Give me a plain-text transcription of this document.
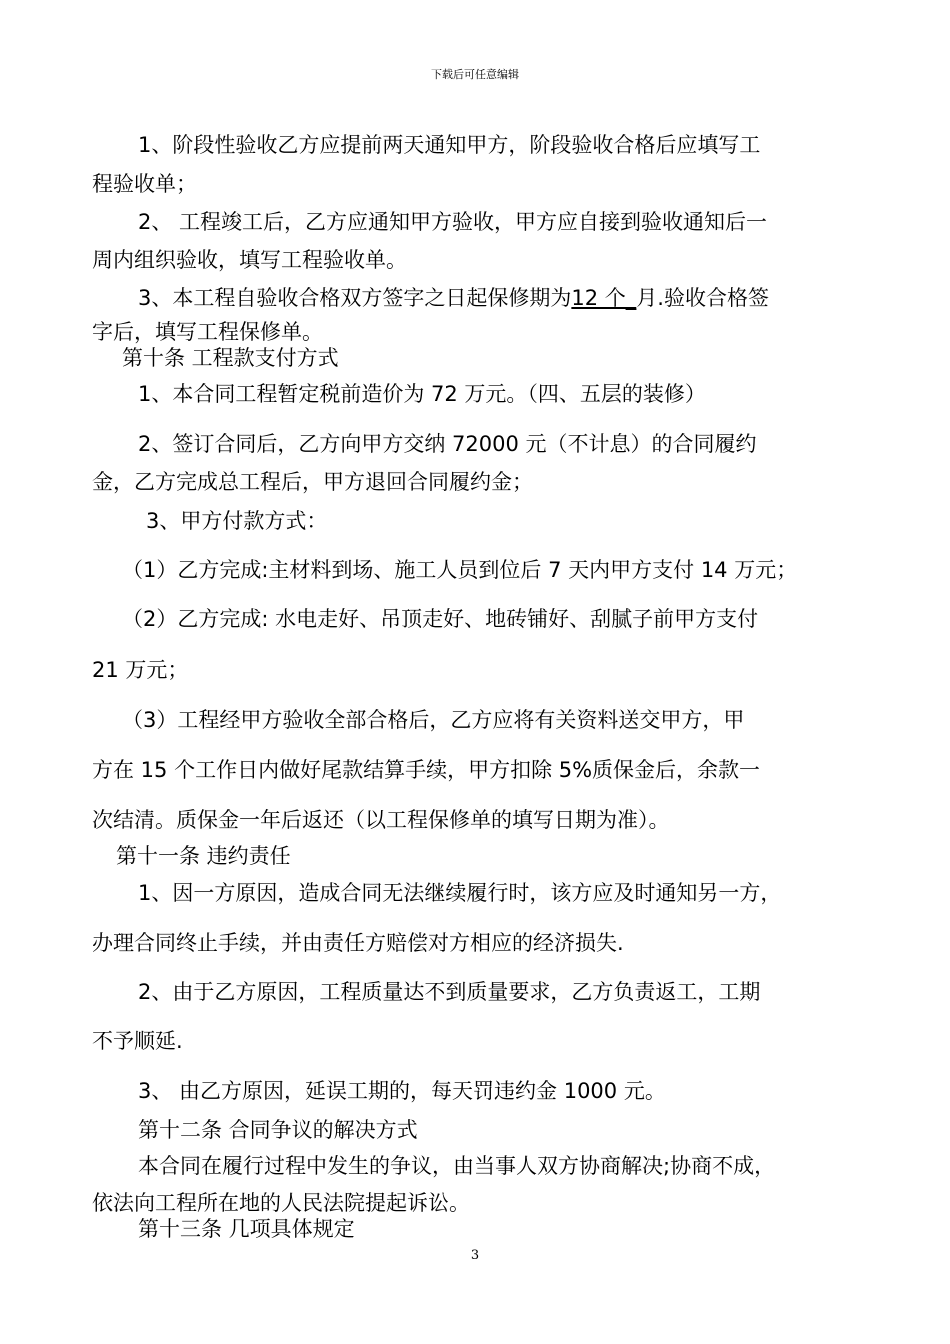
下载后可任意编辑
1、阶段性验收乙方应提前两天通知甲方，阶段验收合格后应填写工
程验收单；
2、 工程竣工后，乙方应通知甲方验收，甲方应自接到验收通知后一
周内组织验收，填写工程验收单。
3、本工程自验收合格双方签字之日起保修期为12 个_月.验收合格签
字后，填写工程保修单。
第十条 工程款支付方式
1、本合同工程暂定税前造价为 72 万元。（四、五层的装修）
2、签订合同后，乙方向甲方交纳 72000 元（不计息）的合同履约
金，乙方完成总工程后，甲方退回合同履约金；
3、甲方付款方式：
（1）乙方完成:主材料到场、施工人员到位后 7 天内甲方支付 14 万元；
（2）乙方完成: 水电走好、吊顶走好、地砖铺好、刮腻子前甲方支付
21 万元；
（3）工程经甲方验收全部合格后，乙方应将有关资料送交甲方，甲
方在 15 个工作日内做好尾款结算手续，甲方扣除 5%质保金后，余款一
次结清。质保金一年后返还（以工程保修单的填写日期为准）。
第十一条 违约责任
1、因一方原因，造成合同无法继续履行时，该方应及时通知另一方，
办理合同终止手续，并由责任方赔偿对方相应的经济损失.
2、由于乙方原因，工程质量达不到质量要求，乙方负责返工，工期
不予顺延.
3、 由乙方原因，延误工期的，每天罚违约金 1000 元。
第十二条 合同争议的解决方式
本合同在履行过程中发生的争议，由当事人双方协商解决;协商不成，
依法向工程所在地的人民法院提起诉讼。
第十三条 几项具体规定
3
